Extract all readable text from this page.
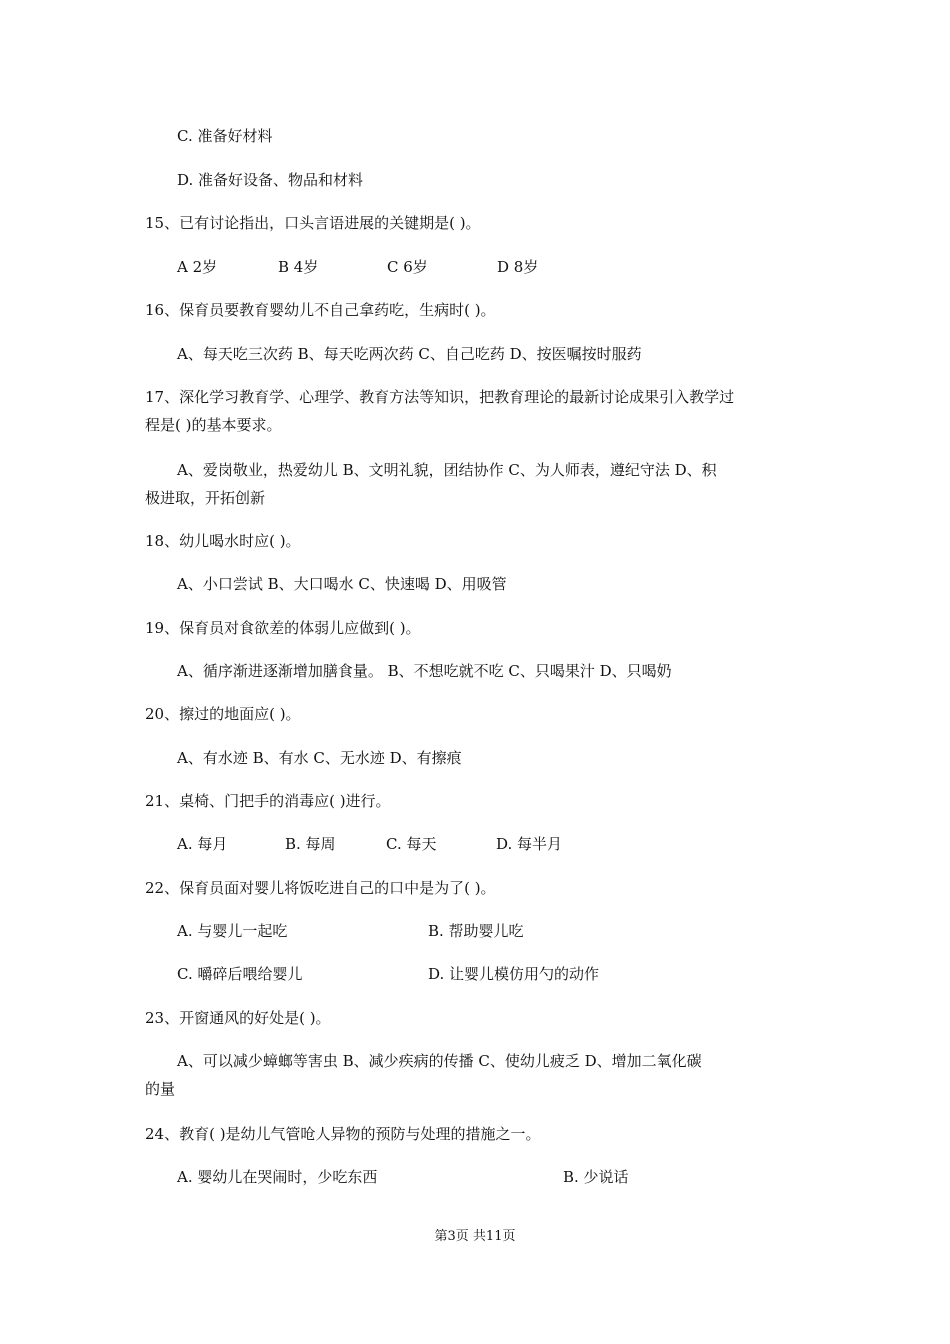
C. 准备好材料
D. 准备好设备、物品和材料
15、已有讨论指出，口头言语进展的关键期是( )。
A 2岁	B 4岁	C 6岁	D 8岁
16、保育员要教育婴幼儿不自己拿药吃，生病时( )。
A、每天吃三次药 B、每天吃两次药 C、自己吃药 D、按医嘱按时服药
17、深化学习教育学、心理学、教育方法等知识，把教育理论的最新讨论成果引入教学过
程是( )的基本要求。
A、爱岗敬业，热爱幼儿 B、文明礼貌，团结协作 C、为人师表，遵纪守法 D、积
极进取，开拓创新
18、幼儿喝水时应( )。
A、小口尝试 B、大口喝水 C、快速喝 D、用吸管
19、保育员对食欲差的体弱儿应做到( )。
A、循序渐进逐渐增加膳食量。 B、不想吃就不吃 C、只喝果汁 D、只喝奶
20、擦过的地面应( )。
A、有水迹 B、有水 C、无水迹 D、有擦痕
21、桌椅、门把手的消毒应( )进行。
A. 每月	B. 每周	C. 每天	D. 每半月
22、保育员面对婴儿将饭吃进自己的口中是为了( )。
A. 与婴儿一起吃	B. 帮助婴儿吃
C. 嚼碎后喂给婴儿	D. 让婴儿模仿用勺的动作
23、开窗通风的好处是( )。
A、可以减少蟑螂等害虫 B、减少疾病的传播 C、使幼儿疲乏 D、增加二氧化碳
的量
24、教育( )是幼儿气管呛人异物的预防与处理的措施之一。
A. 婴幼儿在哭闹时，少吃东西	B. 少说话
第3页 共11页
